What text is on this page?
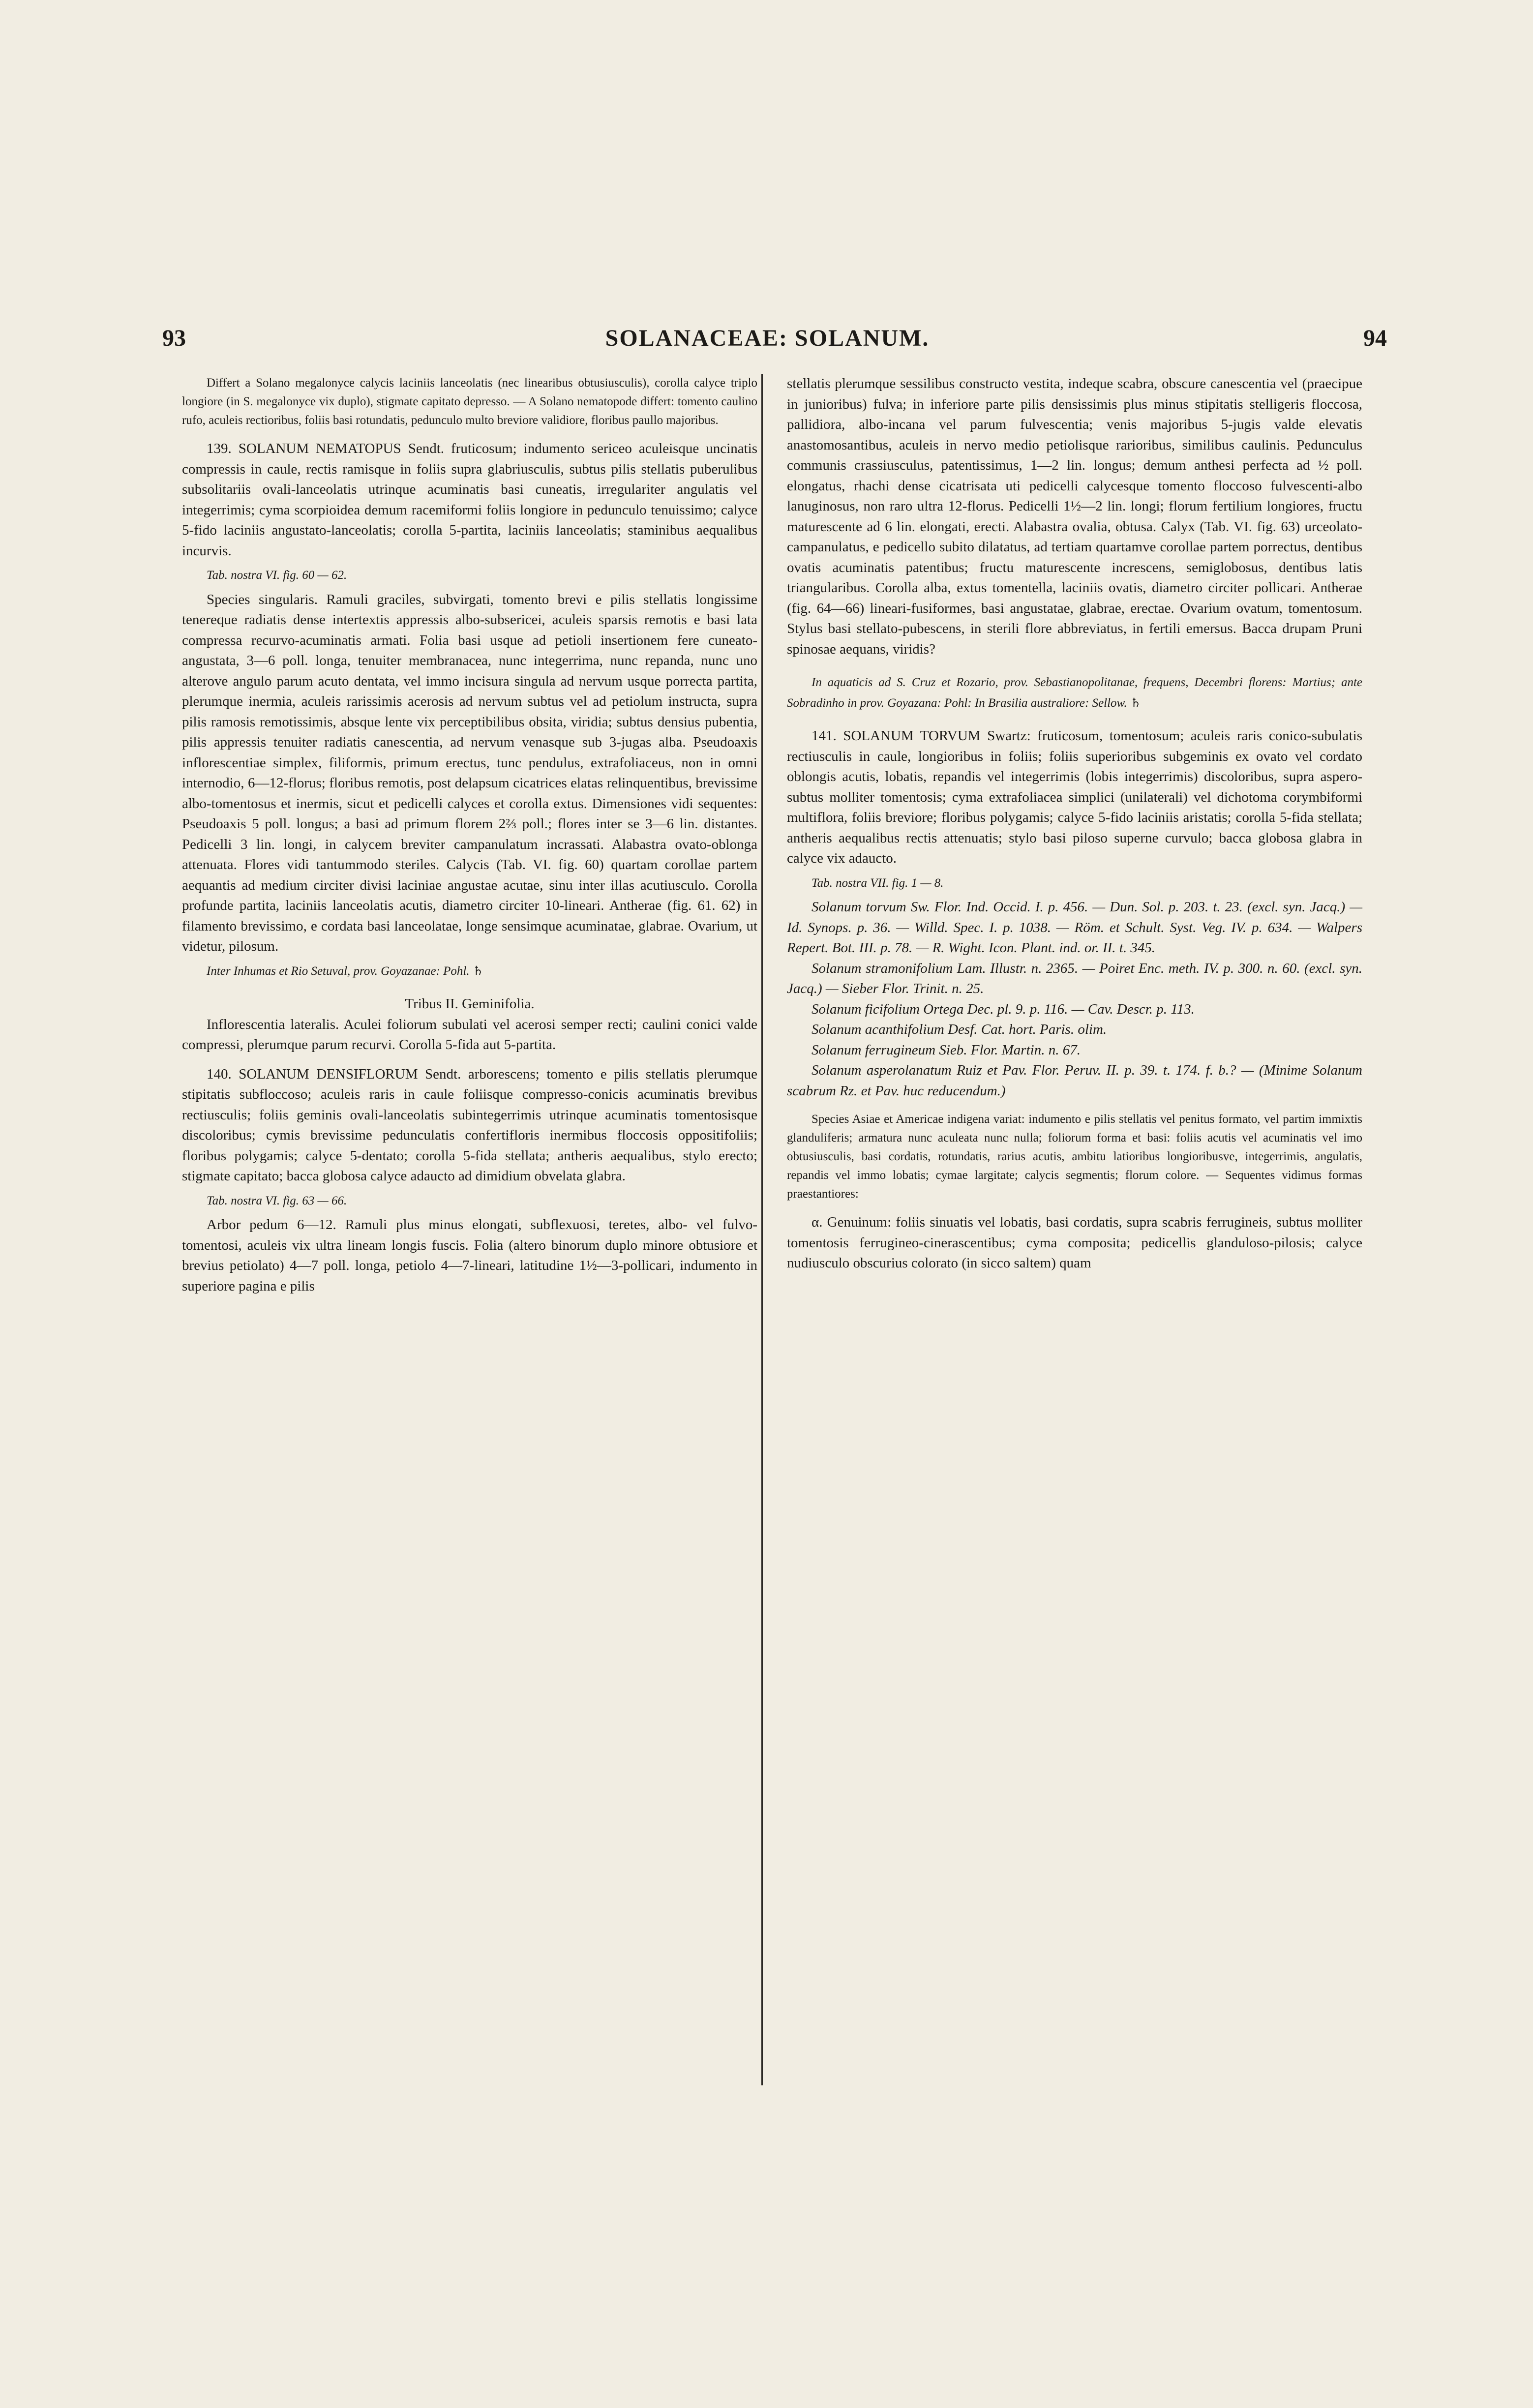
93	SOLANACEAE: SOLANUM.	94

Differt a Solano megalonyce calycis laciniis lanceolatis (nec linearibus obtusiusculis), corolla calyce triplo longiore (in S. megalonyce vix duplo), stigmate capitato depresso. — A Solano nematopode differt: tomento caulino rufo, aculeis rectioribus, foliis basi rotundatis, pedunculo multo breviore validiore, floribus paullo majoribus.

139. SOLANUM NEMATOPUS Sendt. fruticosum; indumento sericeo aculeisque uncinatis compressis in caule, rectis ramisque in foliis supra glabriusculis, subtus pilis stellatis puberulibus subsolitariis ovali-lanceolatis utrinque acuminatis basi cuneatis, irregulariter angulatis vel integerrimis; cyma scorpioidea demum racemiformi foliis longiore in pedunculo tenuissimo; calyce 5-fido laciniis angustato-lanceolatis; corolla 5-partita, laciniis lanceolatis; staminibus aequalibus incurvis.

Tab. nostra VI. fig. 60 — 62.

Species singularis. Ramuli graciles, subvirgati, tomento brevi e pilis stellatis longissime tenereque radiatis dense intertextis appressis albo-subsericei, aculeis sparsis remotis e basi lata compressa recurvo-acuminatis armati. Folia basi usque ad petioli insertionem fere cuneato-angustata, 3—6 poll. longa, tenuiter membranacea, nunc integerrima, nunc repanda, nunc uno alterove angulo parum acuto dentata, vel immo incisura singula ad nervum usque porrecta partita, plerumque inermia, aculeis rarissimis acerosis ad nervum subtus vel ad petiolum instructa, supra pilis ramosis remotissimis, absque lente vix perceptibilibus obsita, viridia; subtus densius pubentia, pilis appressis tenuiter radiatis canescentia, ad nervum venasque sub 3-jugas alba. Pseudoaxis inflorescentiae simplex, filiformis, primum erectus, tunc pendulus, extrafoliaceus, non in omni internodio, 6—12-florus; floribus remotis, post delapsum cicatrices elatas relinquentibus, brevissime albo-tomentosus et inermis, sicut et pedicelli calyces et corolla extus. Dimensiones vidi sequentes: Pseudoaxis 5 poll. longus; a basi ad primum florem 2⅔ poll.; flores inter se 3—6 lin. distantes. Pedicelli 3 lin. longi, in calycem breviter campanulatum incrassati. Alabastra ovato-oblonga attenuata. Flores vidi tantummodo steriles. Calycis (Tab. VI. fig. 60) quartam corollae partem aequantis ad medium circiter divisi laciniae angustae acutae, sinu inter illas acutiusculo. Corolla profunde partita, laciniis lanceolatis acutis, diametro circiter 10-lineari. Antherae (fig. 61. 62) in filamento brevissimo, e cordata basi lanceolatae, longe sensimque acuminatae, glabrae. Ovarium, ut videtur, pilosum.

Inter Inhumas et Rio Setuval, prov. Goyazanae: Pohl. ♄

Tribus II. Geminifolia.

Inflorescentia lateralis. Aculei foliorum subulati vel acerosi semper recti; caulini conici valde compressi, plerumque parum recurvi. Corolla 5-fida aut 5-partita.

140. SOLANUM DENSIFLORUM Sendt. arborescens; tomento e pilis stellatis plerumque stipitatis subfloccoso; aculeis raris in caule foliisque compresso-conicis acuminatis brevibus rectiusculis; foliis geminis ovali-lanceolatis subintegerrimis utrinque acuminatis tomentosisque discoloribus; cymis brevissime pedunculatis confertifloris inermibus floccosis oppositifoliis; floribus polygamis; calyce 5-dentato; corolla 5-fida stellata; antheris aequalibus, stylo erecto; stigmate capitato; bacca globosa calyce adaucto ad dimidium obvelata glabra.

Tab. nostra VI. fig. 63 — 66.

Arbor pedum 6—12. Ramuli plus minus elongati, subflexuosi, teretes, albo- vel fulvo-tomentosi, aculeis vix ultra lineam longis fuscis. Folia (altero binorum duplo minore obtusiore et brevius petiolato) 4—7 poll. longa, petiolo 4—7-lineari, latitudine 1½—3-pollicari, indumento in superiore pagina e pilis

stellatis plerumque sessilibus constructo vestita, indeque scabra, obscure canescentia vel (praecipue in junioribus) fulva; in inferiore parte pilis densissimis plus minus stipitatis stelligeris floccosa, pallidiora, albo-incana vel parum fulvescentia; venis majoribus 5-jugis valde elevatis anastomosantibus, aculeis in nervo medio petiolisque rarioribus, similibus caulinis. Pedunculus communis crassiusculus, patentissimus, 1—2 lin. longus; demum anthesi perfecta ad ½ poll. elongatus, rhachi dense cicatrisata uti pedicelli calycesque tomento floccoso fulvescenti-albo lanuginosus, non raro ultra 12-florus. Pedicelli 1½—2 lin. longi; florum fertilium longiores, fructu maturescente ad 6 lin. elongati, erecti. Alabastra ovalia, obtusa. Calyx (Tab. VI. fig. 63) urceolato-campanulatus, e pedicello subito dilatatus, ad tertiam quartamve corollae partem porrectus, dentibus ovatis acuminatis patentibus; fructu maturescente increscens, semiglobosus, dentibus latis triangularibus. Corolla alba, extus tomentella, laciniis ovatis, diametro circiter pollicari. Antherae (fig. 64—66) lineari-fusiformes, basi angustatae, glabrae, erectae. Ovarium ovatum, tomentosum. Stylus basi stellato-pubescens, in sterili flore abbreviatus, in fertili emersus. Bacca drupam Pruni spinosae aequans, viridis?

In aquaticis ad S. Cruz et Rozario, prov. Sebastianopolitanae, frequens, Decembri florens: Martius; ante Sobradinho in prov. Goyazana: Pohl: In Brasilia australiore: Sellow. ♄

141. SOLANUM TORVUM Swartz: fruticosum, tomentosum; aculeis raris conico-subulatis rectiusculis in caule, longioribus in foliis; foliis superioribus subgeminis ex ovato vel cordato oblongis acutis, lobatis, repandis vel integerrimis (lobis integerrimis) discoloribus, supra aspero-subtus molliter tomentosis; cyma extrafoliacea simplici (unilaterali) vel dichotoma corymbiformi multiflora, foliis breviore; floribus polygamis; calyce 5-fido laciniis aristatis; corolla 5-fida stellata; antheris aequalibus rectis attenuatis; stylo basi piloso superne curvulo; bacca globosa glabra in calyce vix adaucto.

Tab. nostra VII. fig. 1 — 8.

Solanum torvum Sw. Flor. Ind. Occid. I. p. 456. — Dun. Sol. p. 203. t. 23. (excl. syn. Jacq.) — Id. Synops. p. 36. — Willd. Spec. I. p. 1038. — Röm. et Schult. Syst. Veg. IV. p. 634. — Walpers Repert. Bot. III. p. 78. — R. Wight. Icon. Plant. ind. or. II. t. 345.

Solanum stramonifolium Lam. Illustr. n. 2365. — Poiret Enc. meth. IV. p. 300. n. 60. (excl. syn. Jacq.) — Sieber Flor. Trinit. n. 25.

Solanum ficifolium Ortega Dec. pl. 9. p. 116. — Cav. Descr. p. 113.

Solanum acanthifolium Desf. Cat. hort. Paris. olim.

Solanum ferrugineum Sieb. Flor. Martin. n. 67.

Solanum asperolanatum Ruiz et Pav. Flor. Peruv. II. p. 39. t. 174. f. b.? — (Minime Solanum scabrum Rz. et Pav. huc reducendum.)

Species Asiae et Americae indigena variat: indumento e pilis stellatis vel penitus formato, vel partim immixtis glanduliferis; armatura nunc aculeata nunc nulla; foliorum forma et basi: foliis acutis vel acuminatis vel imo obtusiusculis, basi cordatis, rotundatis, rarius acutis, ambitu latioribus longioribusve, integerrimis, angulatis, repandis vel immo lobatis; cymae largitate; calycis segmentis; florum colore. — Sequentes vidimus formas praestantiores:

α. Genuinum: foliis sinuatis vel lobatis, basi cordatis, supra scabris ferrugineis, subtus molliter tomentosis ferrugineo-cinerascentibus; cyma composita; pedicellis glanduloso-pilosis; calyce nudiusculo obscurius colorato (in sicco saltem) quam
